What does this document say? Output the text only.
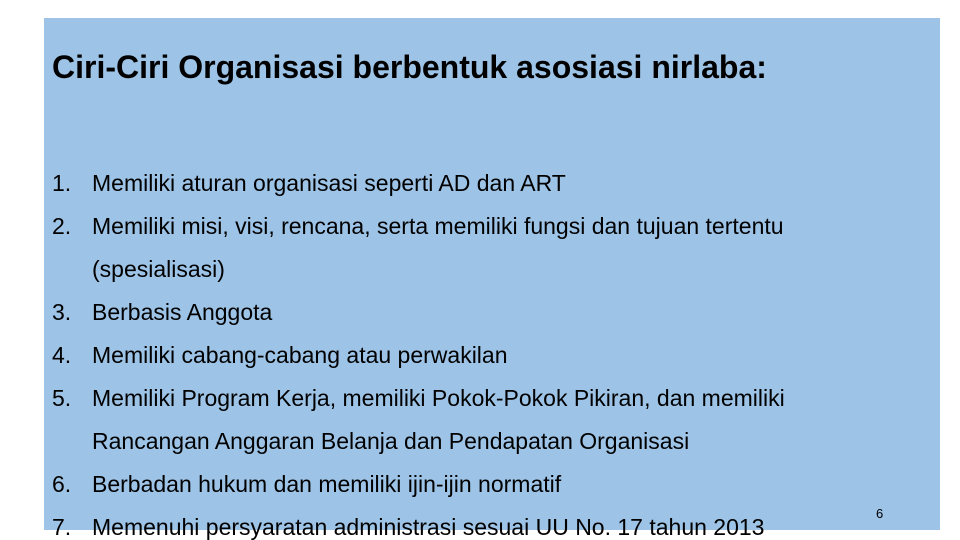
Ciri-Ciri Organisasi berbentuk asosiasi nirlaba:
1. Memiliki aturan organisasi seperti AD dan ART
2. Memiliki misi, visi, rencana, serta memiliki fungsi dan tujuan tertentu (spesialisasi)
3. Berbasis Anggota
4. Memiliki cabang-cabang atau perwakilan
5. Memiliki Program Kerja, memiliki Pokok-Pokok Pikiran, dan memiliki Rancangan Anggaran Belanja dan Pendapatan Organisasi
6. Berbadan hukum dan memiliki ijin-ijin normatif
7. Memenuhi persyaratan administrasi sesuai UU No. 17 tahun 2013
6
